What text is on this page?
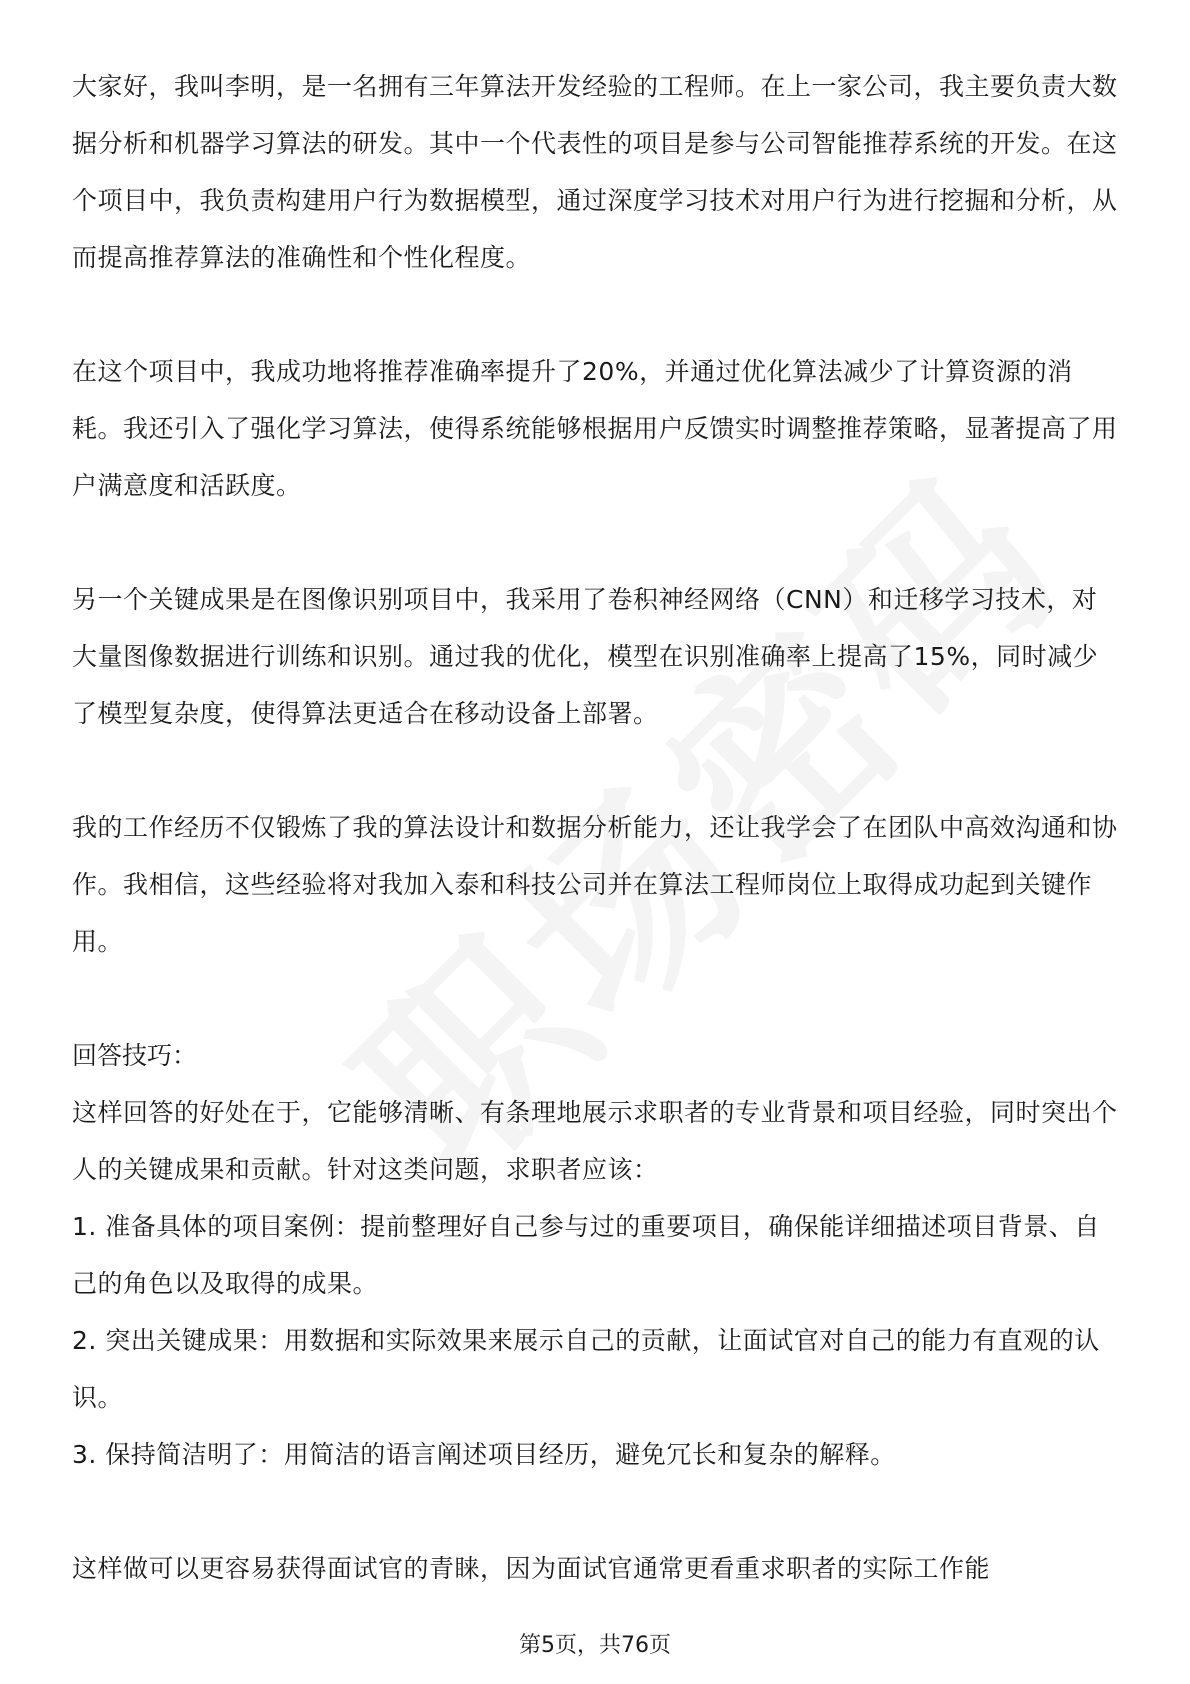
大家好，我叫李明，是一名拥有三年算法开发经验的工程师。在上一家公司，我主要负责大数据分析和机器学习算法的研发。其中一个代表性的项目是参与公司智能推荐系统的开发。在这个项目中，我负责构建用户行为数据模型，通过深度学习技术对用户行为进行挖掘和分析，从而提高推荐算法的准确性和个性化程度。

在这个项目中，我成功地将推荐准确率提升了20%，并通过优化算法减少了计算资源的消耗。我还引入了强化学习算法，使得系统能够根据用户反馈实时调整推荐策略，显著提高了用户满意度和活跃度。

另一个关键成果是在图像识别项目中，我采用了卷积神经网络（CNN）和迁移学习技术，对大量图像数据进行训练和识别。通过我的优化，模型在识别准确率上提高了15%，同时减少了模型复杂度，使得算法更适合在移动设备上部署。

我的工作经历不仅锻炼了我的算法设计和数据分析能力，还让我学会了在团队中高效沟通和协作。我相信，这些经验将对我加入泰和科技公司并在算法工程师岗位上取得成功起到关键作用。

回答技巧：

这样回答的好处在于，它能够清晰、有条理地展示求职者的专业背景和项目经验，同时突出个人的关键成果和贡献。针对这类问题，求职者应该：

1. 准备具体的项目案例：提前整理好自己参与过的重要项目，确保能详细描述项目背景、自己的角色以及取得的成果。

2. 突出关键成果：用数据和实际效果来展示自己的贡献，让面试官对自己的能力有直观的认识。

3. 保持简洁明了：用简洁的语言阐述项目经历，避免冗长和复杂的解释。

这样做可以更容易获得面试官的青睐，因为面试官通常更看重求职者的实际工作能

第5页，共76页
